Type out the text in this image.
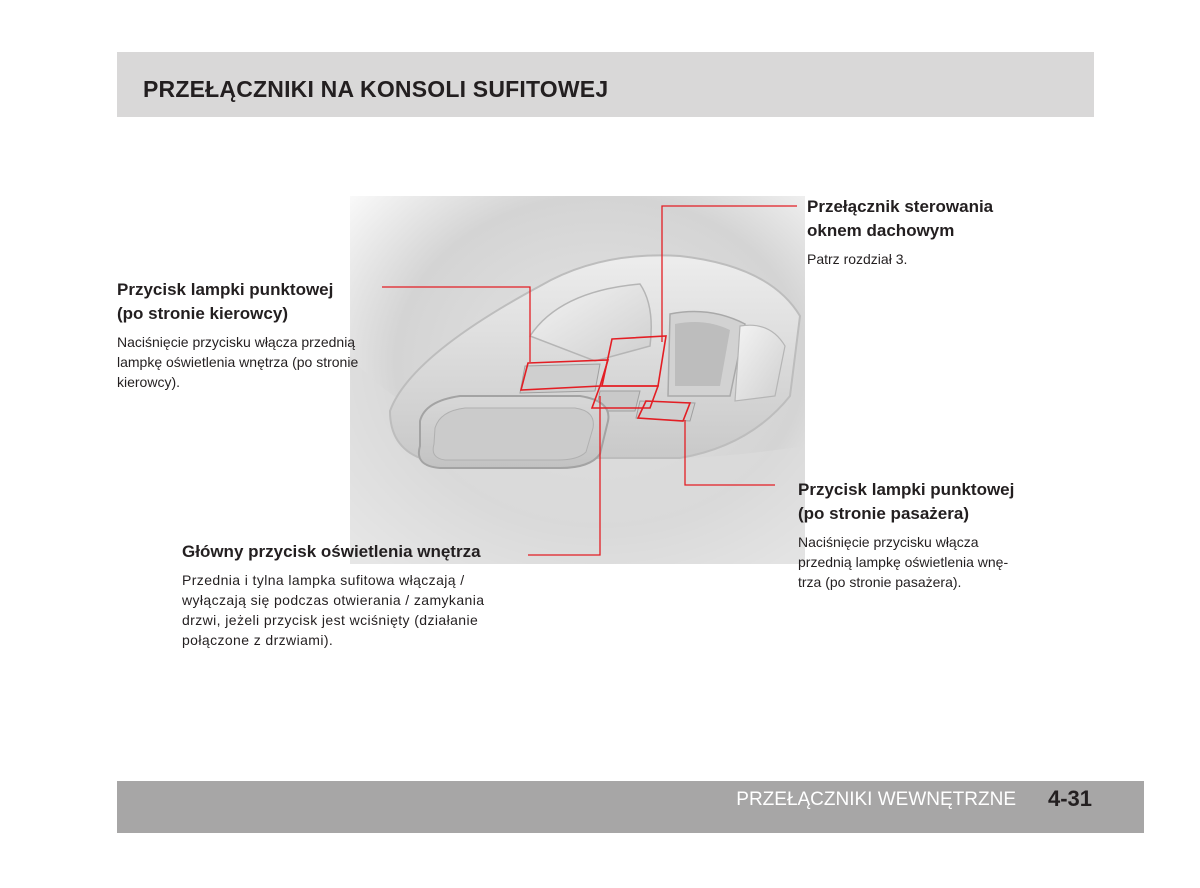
PRZEŁĄCZNIKI NA KONSOLI SUFITOWEJ
Przełącznik sterowania
oknem dachowym
Patrz rozdział 3.
Przycisk lampki punktowej
(po stronie kierowcy)
Naciśnięcie przycisku włącza przednią
lampkę oświetlenia wnętrza (po stronie
kierowcy).
Przycisk lampki punktowej
(po stronie pasażera)
Naciśnięcie przycisku włącza
przednią lampkę oświetlenia wnę-
trza (po stronie pasażera).
Główny przycisk oświetlenia wnętrza
Przednia i tylna lampka sufitowa włączają /
wyłączają się podczas otwierania / zamykania
drzwi, jeżeli przycisk jest wciśnięty (działanie
połączone z drzwiami).
PRZEŁĄCZNIKI WEWNĘTRZNE 4-31
